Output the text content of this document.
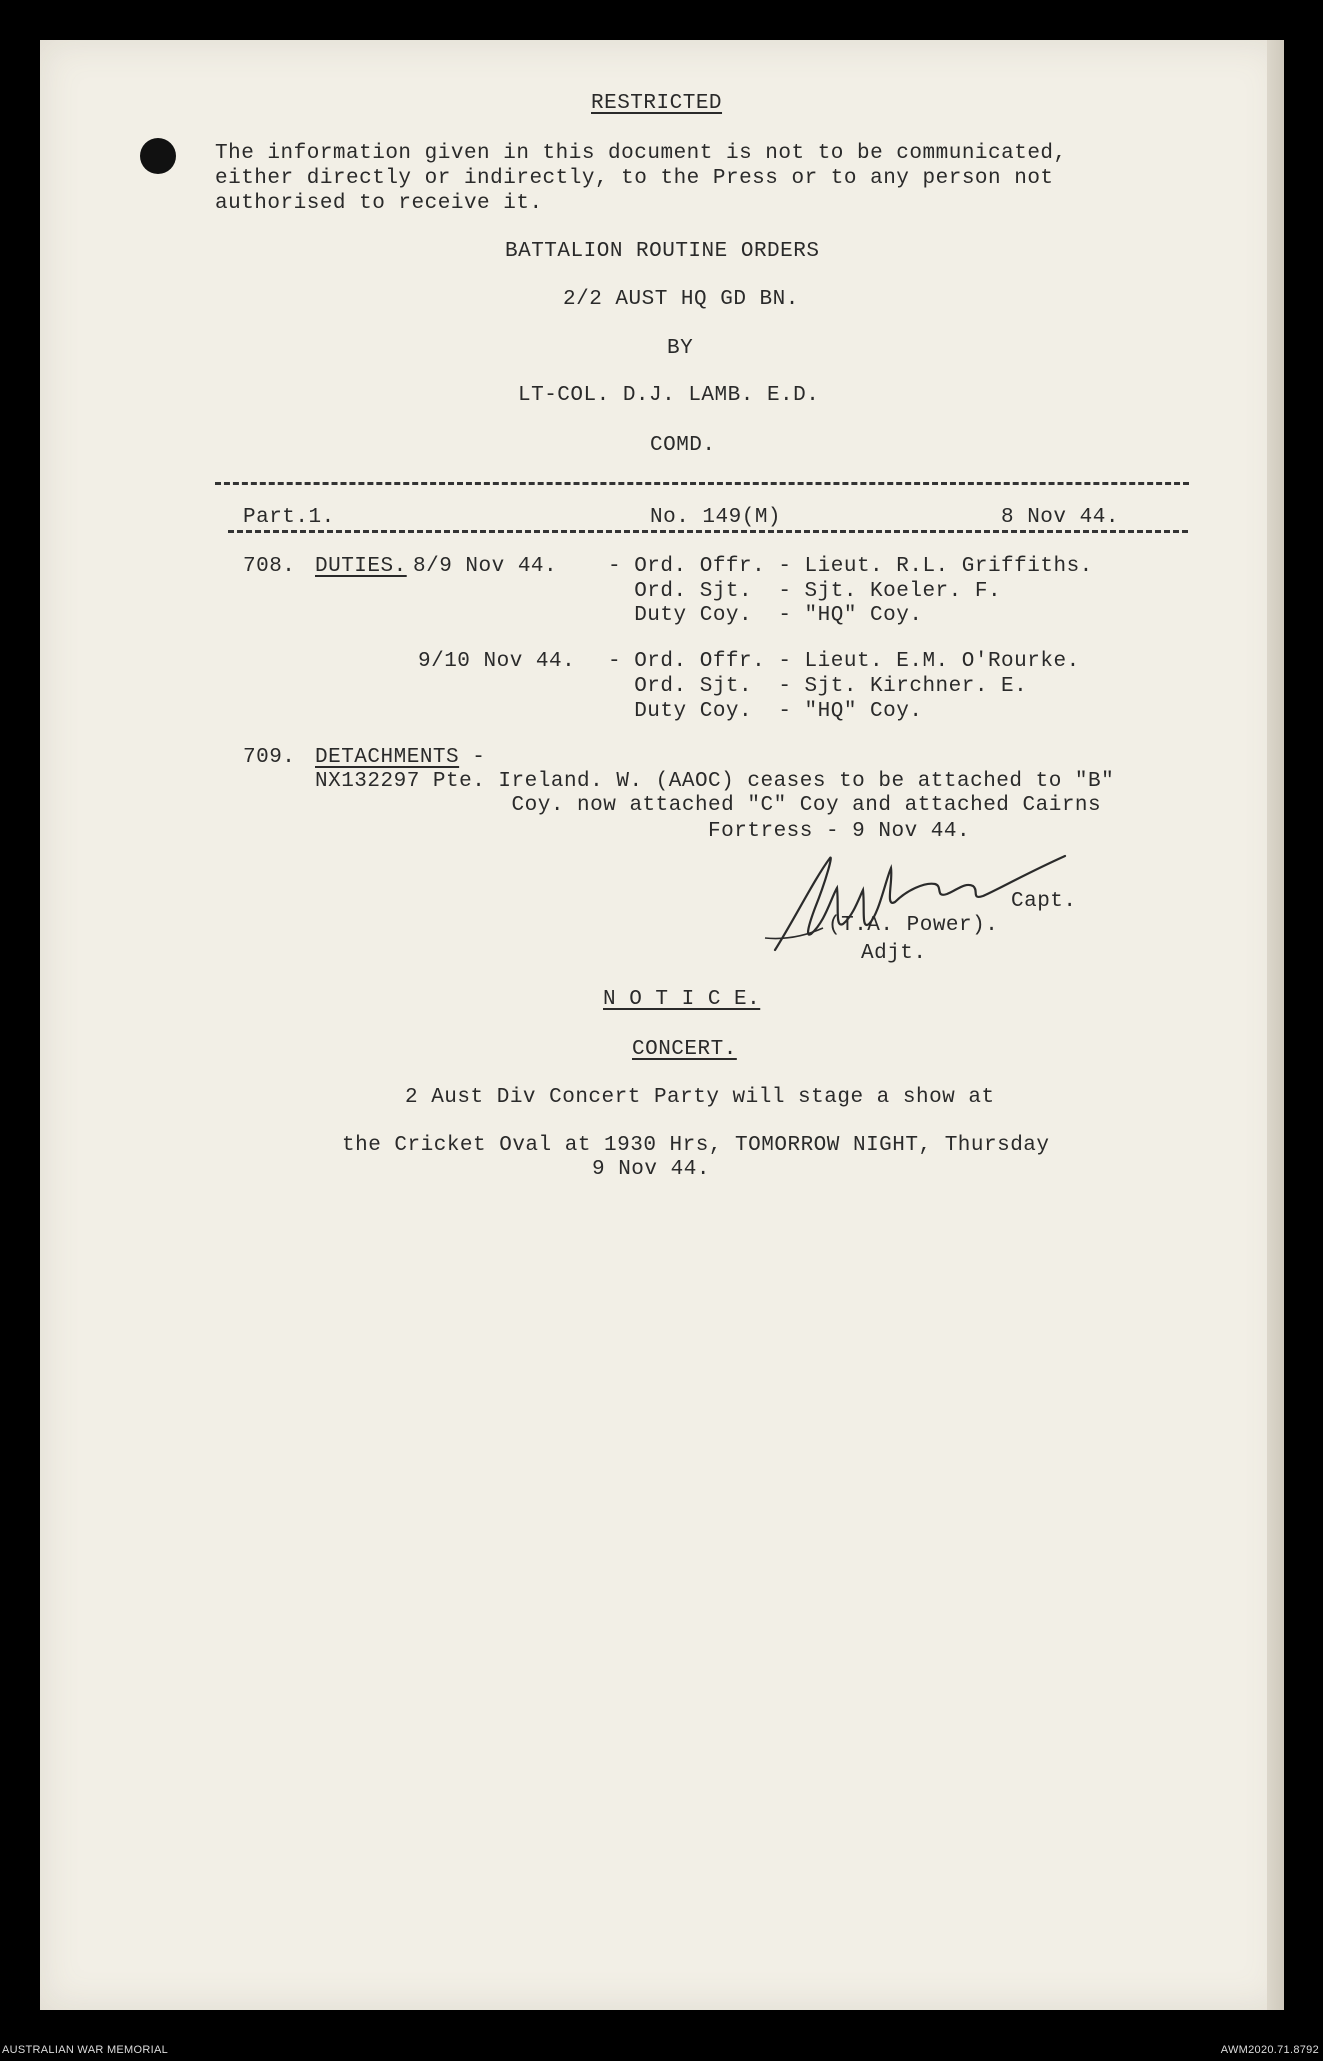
RESTRICTED
The information given in this document is not to be communicated,
either directly or indirectly, to the Press or to any person not
authorised to receive it.
BATTALION ROUTINE ORDERS
2/2 AUST HQ GD BN.
BY
LT-COL. D.J. LAMB. E.D.
COMD.
Part.1.	No. 149(M)	8 Nov 44.
708. DUTIES. 8/9 Nov 44. - Ord. Offr. - Lieut. R.L. Griffiths.
Ord. Sjt.  - Sjt. Koeler. F.
Duty Coy.  - "HQ" Coy.
9/10 Nov 44. - Ord. Offr. - Lieut. E.M. O'Rourke.
Ord. Sjt.  - Sjt. Kirchner. E.
Duty Coy.  - "HQ" Coy.
709. DETACHMENTS -
NX132297 Pte. Ireland. W. (AAOC) ceases to be attached to "B"
Coy. now attached "C" Coy and attached Cairns
Fortress - 9 Nov 44.
Capt.
(T.A. Power).
Adjt.
N O T I C E.
CONCERT.
2 Aust Div Concert Party will stage a show at
the Cricket Oval at 1930 Hrs, TOMORROW NIGHT, Thursday
9 Nov 44.
AUSTRALIAN WAR MEMORIAL	AWM2020.71.8792
